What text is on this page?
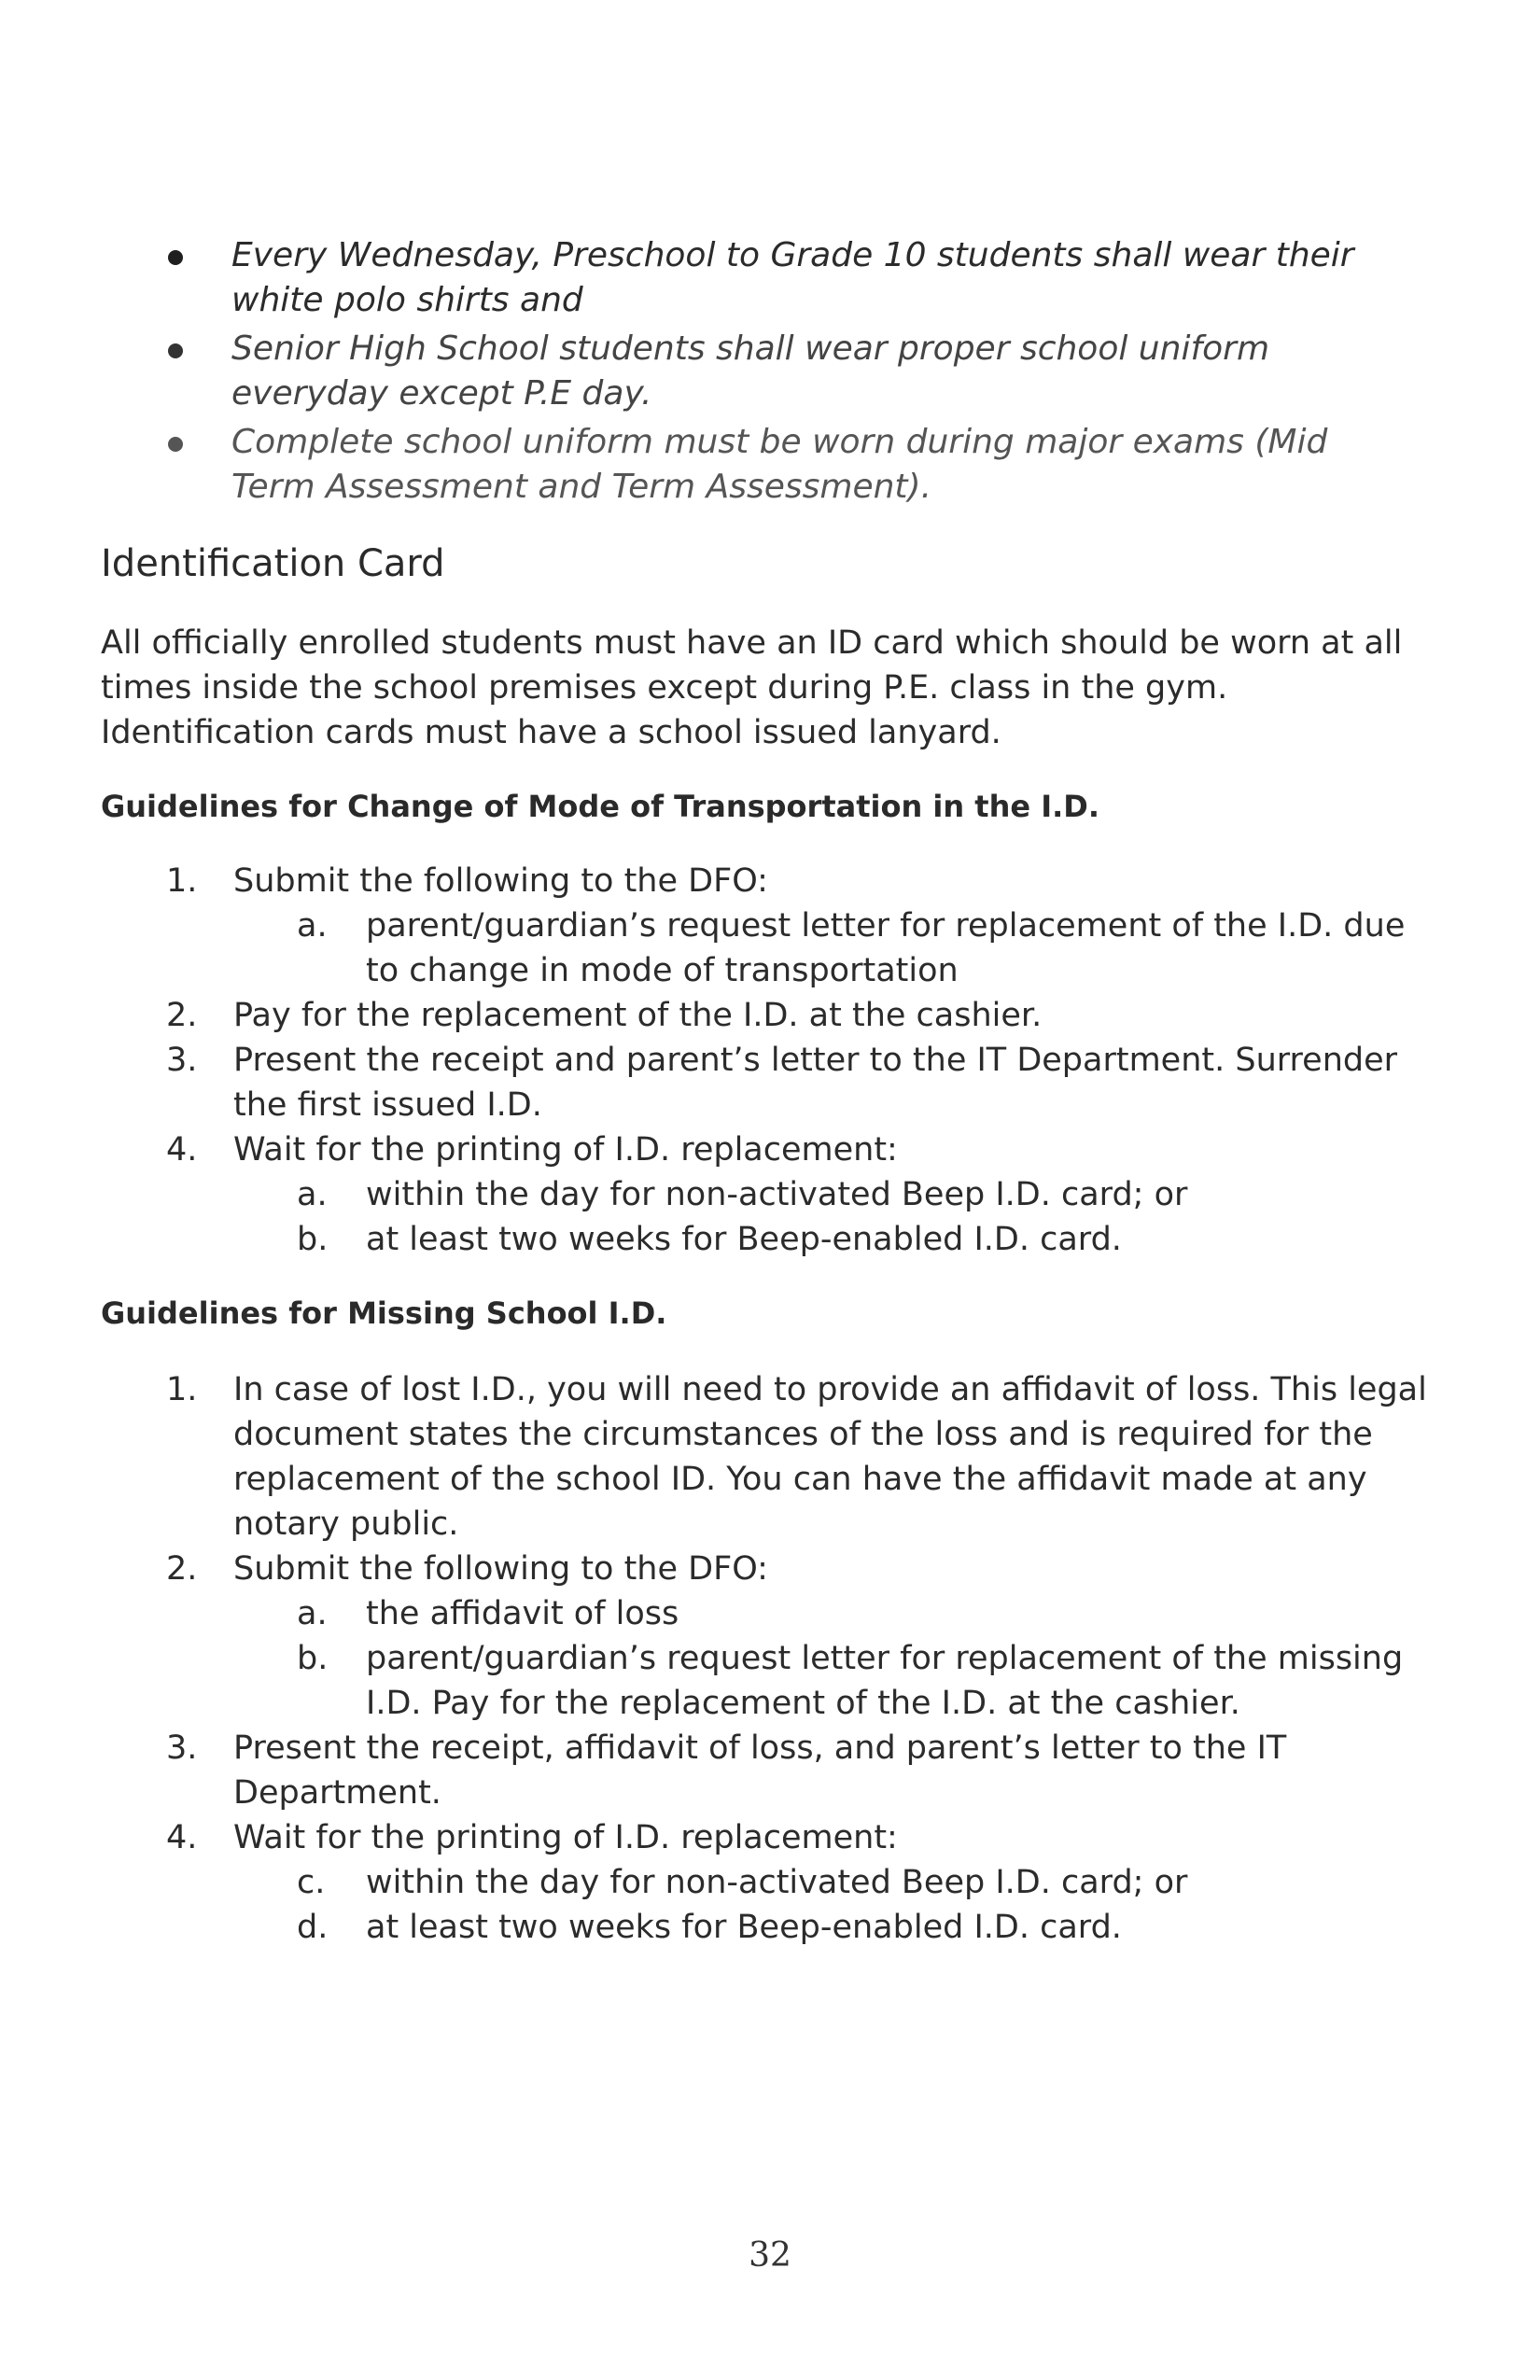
Every Wednesday, Preschool to Grade 10 students shall wear their white polo shirts and
Senior High School students shall wear proper school uniform everyday except P.E day.
Complete school uniform must be worn during major exams (Mid Term Assessment and Term Assessment).
Identification Card

All officially enrolled students must have an ID card which should be worn at all times inside the school premises except during P.E. class in the gym. Identification cards must have a school issued lanyard.

Guidelines for Change of Mode of Transportation in the I.D.
1. Submit the following to the DFO:
a. parent/guardian’s request letter for replacement of the I.D. due to change in mode of transportation
2. Pay for the replacement of the I.D. at the cashier.
3. Present the receipt and parent’s letter to the IT Department. Surrender the first issued I.D.
4. Wait for the printing of I.D. replacement:
a. within the day for non-activated Beep I.D. card; or
b. at least two weeks for Beep-enabled I.D. card.
Guidelines for Missing School I.D.
1. In case of lost I.D., you will need to provide an affidavit of loss. This legal document states the circumstances of the loss and is required for the replacement of the school ID. You can have the affidavit made at any notary public.
2. Submit the following to the DFO:
a. the affidavit of loss
b. parent/guardian’s request letter for replacement of the missing I.D. Pay for the replacement of the I.D. at the cashier.
3. Present the receipt, affidavit of loss, and parent’s letter to the IT Department.
4. Wait for the printing of I.D. replacement:
c. within the day for non-activated Beep I.D. card; or
d. at least two weeks for Beep-enabled I.D. card.
32
